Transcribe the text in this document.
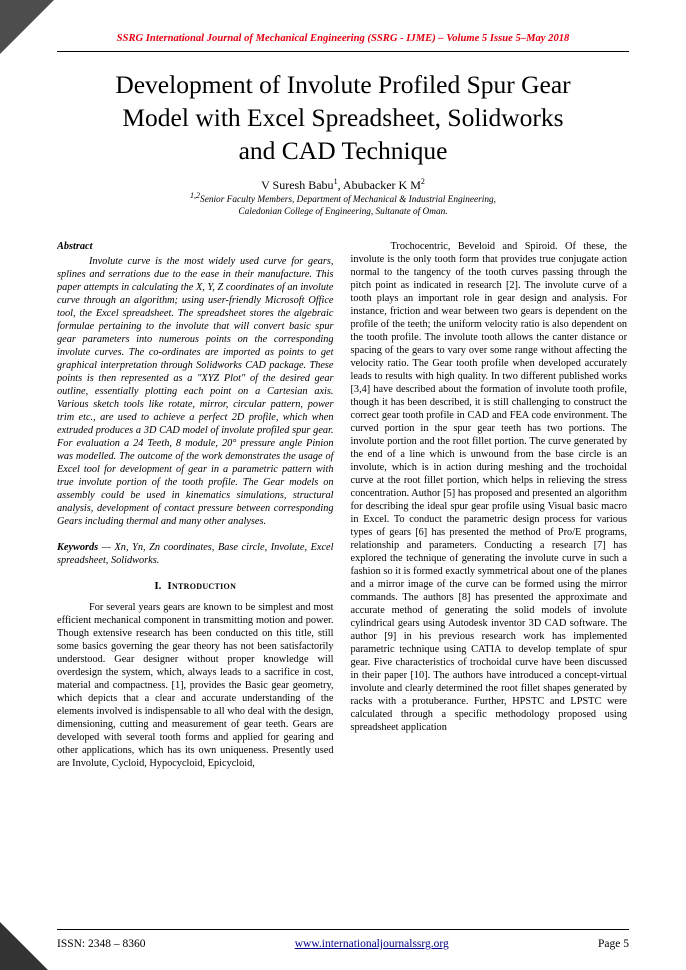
SSRG International Journal of Mechanical Engineering (SSRG - IJME) – Volume 5 Issue 5–May 2018
Development of Involute Profiled Spur Gear
Model with Excel Spreadsheet, Solidworks
and CAD Technique
V Suresh Babu$^1$, Abubacker K $M^2$
$^{1,2}$Senior Faculty Members, Department of Mechanical & Industrial Engineering,
Caledonian College of Engineering, Sultanate of Oman.
Abstract

Involute curve is the most widely used curve for gears, splines and serrations due to the ease in their manufacture. This paper attempts in calculating the X, Y, Z coordinates of an involute curve through an algorithm; using user-friendly Microsoft Office tool, the Excel spreadsheet. The spreadsheet stores the algebraic formulae pertaining to the involute that will convert basic spur gear parameters into numerous points on the corresponding involute curves. The co-ordinates are imported as points to get graphical interpretation through Solidworks CAD package. These points is then represented as a "XYZ Plot" of the desired gear outline, essentially plotting each point on a Cartesian axis. Various sketch tools like rotate, mirror, circular pattern, power trim etc., are used to achieve a perfect 2D profile, which when extruded produces a 3D CAD model of involute profiled spur gear. For evaluation a 24 Teeth, 8 module, 20° pressure angle Pinion was modelled. The outcome of the work demonstrates the usage of Excel tool for development of gear in a parametric pattern with true involute portion of the tooth profile. The Gear models on assembly could be used in kinematics simulations, structural analysis, development of contact pressure between corresponding Gears including thermal and many other analyses.

Keywords — Xn, Yn, Zn coordinates, Base circle, Involute, Excel spreadsheet, Solidworks.

I. Introduction

For several years gears are known to be simplest and most efficient mechanical component in transmitting motion and power. Though extensive research has been conducted on this title, still some basics governing the gear theory has not been satisfactorily understood. Gear designer without proper knowledge will overdesign the system, which, always leads to a sacrifice in cost, material and compactness. [1], provides the Basic gear geometry, which depicts that a clear and accurate understanding of the elements involved is indispensable to all who deal with the design, dimensioning, cutting and measurement of gear teeth. Gears are developed with several tooth forms and applied for gearing and other applications, which has its own uniqueness. Presently used are Involute, Cycloid, Hypocycloid, Epicycloid,

Trochocentric, Beveloid and Spiroid. Of these, the involute is the only tooth form that provides true conjugate action normal to the tangency of the tooth curves passing through the pitch point as indicated in research [2]. The involute curve of a tooth plays an important role in gear design and analysis. For instance, friction and wear between two gears is dependent on the profile of the teeth; the uniform velocity ratio is also dependent on the tooth profile. The involute tooth allows the canter distance or spacing of the gears to vary over some range without affecting the velocity ratio. The Gear tooth profile when developed accurately leads to results with high quality. In two different published works [3,4] have described about the formation of involute tooth profile, though it has been described, it is still challenging to construct the correct gear tooth profile in CAD and FEA code environment. The curved portion in the spur gear teeth has two portions. The involute portion and the root fillet portion. The curve generated by the end of a line which is unwound from the base circle is an involute, which is in action during meshing and the trochoidal curve at the root fillet portion, which helps in relieving the stress concentration. Author [5] has proposed and presented an algorithm for describing the ideal spur gear profile using Visual basic macro in Excel. To conduct the parametric design process for various types of gears [6] has presented the method of Pro/E programs, relationship and parameters. Conducting a research [7] has explored the technique of generating the involute curve in such a fashion so it is formed exactly symmetrical about one of the planes and a mirror image of the curve can be formed using the mirror commands. The authors [8] has presented the approximate and accurate method of generating the solid models of involute cylindrical gears using Autodesk inventor 3D CAD software. The author [9] in his previous research work has implemented parametric technique using CATIA to develop template of spur gear. Five characteristics of trochoidal curve have been discussed in their paper [10]. The authors have introduced a concept-virtual involute and clearly determined the root fillet shapes generated by racks with a protuberance. Further, HPSTC and LPSTC were calculated through a specific methodology proposed using spreadsheet application

ISSN: 2348 – 8360	www.internationaljournalssrg.org	Page 5
